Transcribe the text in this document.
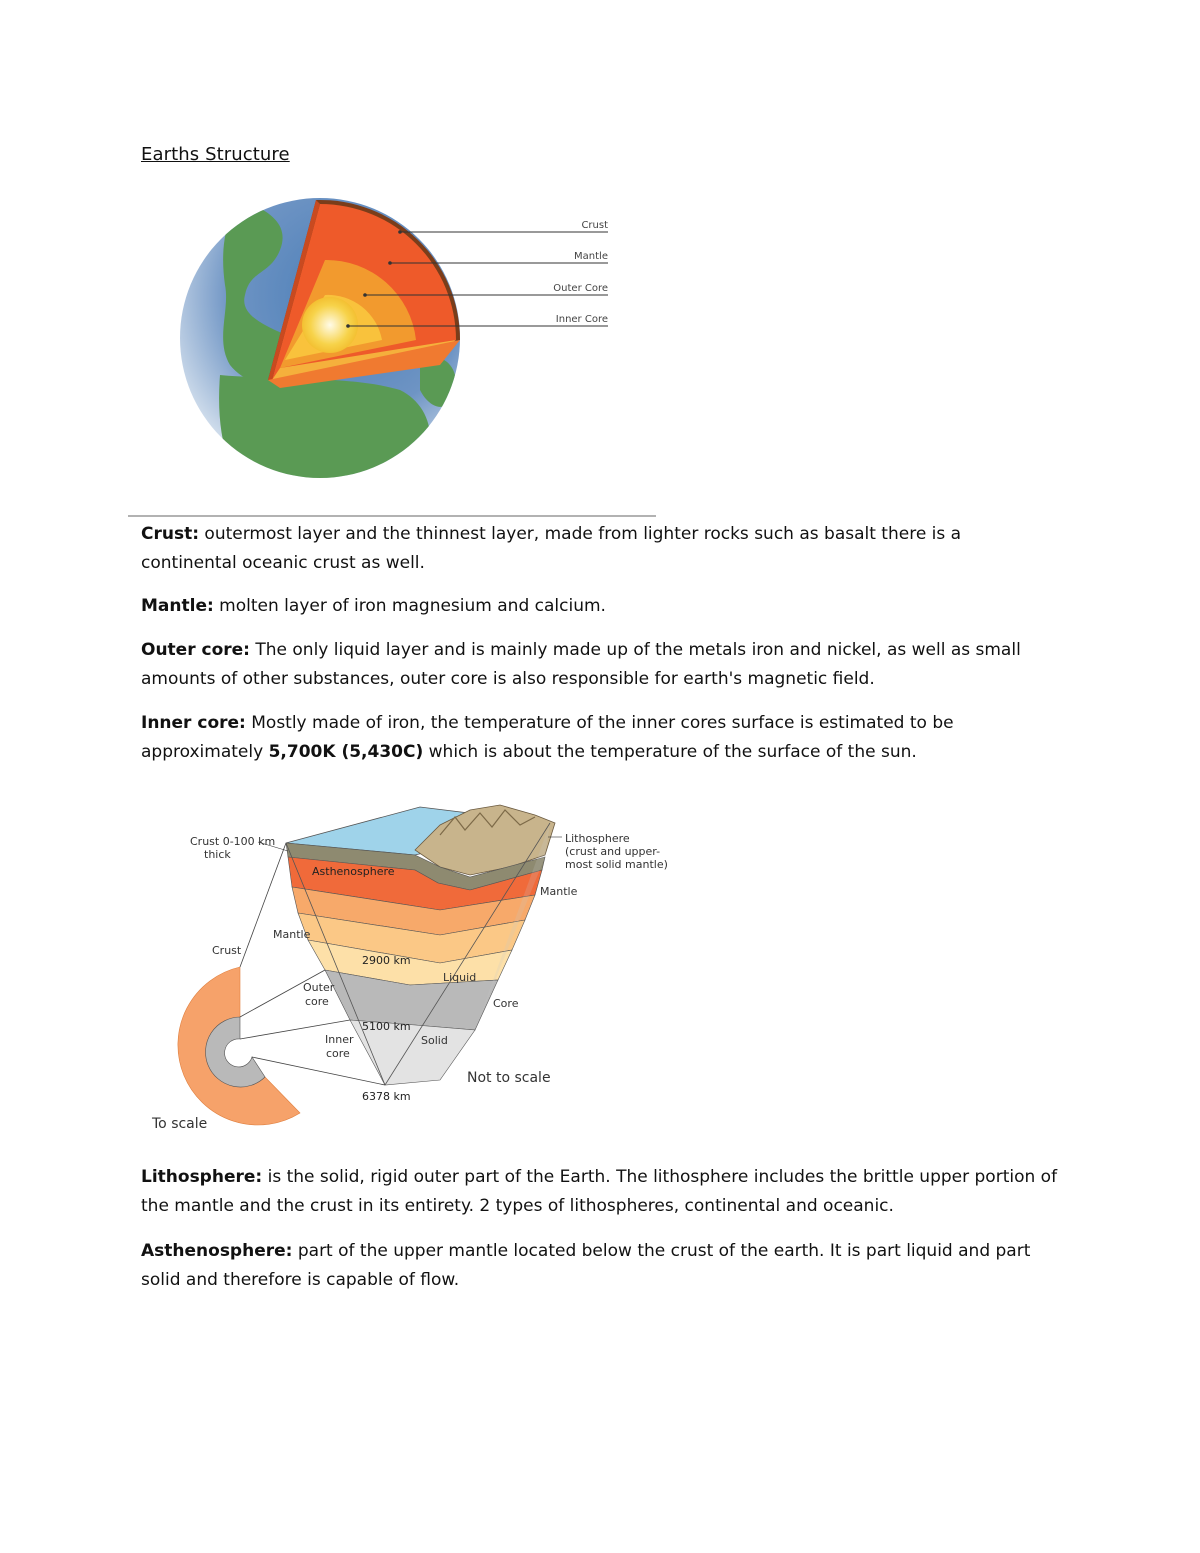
Earths Structure
Crust
Mantle
Outer Core
Inner Core

Crust: outermost layer and the thinnest layer, made from lighter rocks such as basalt there is a continental oceanic crust as well.

Mantle: molten layer of iron magnesium and calcium.

Outer core: The only liquid layer and is mainly made up of the metals iron and nickel, as well as small amounts of other substances, outer core is also responsible for earth's magnetic field.

Inner core: Mostly made of iron, the temperature of the inner cores surface is estimated to be approximately 5,700K (5,430C) which is about the temperature of the surface of the sun.

Crust 0-100 km
thick
Asthenosphere
Lithosphere
(crust and upper-
most solid mantle)
Mantle
Mantle
Crust
2900 km
Liquid
Outer
core	Core
5100 km
Inner
core
Solid
Not to scale
6378 km
To scale

Lithosphere: is the solid, rigid outer part of the Earth. The lithosphere includes the brittle upper portion of the mantle and the crust in its entirety. 2 types of lithospheres, continental and oceanic.

Asthenosphere: part of the upper mantle located below the crust of the earth. It is part liquid and part solid and therefore is capable of flow.
